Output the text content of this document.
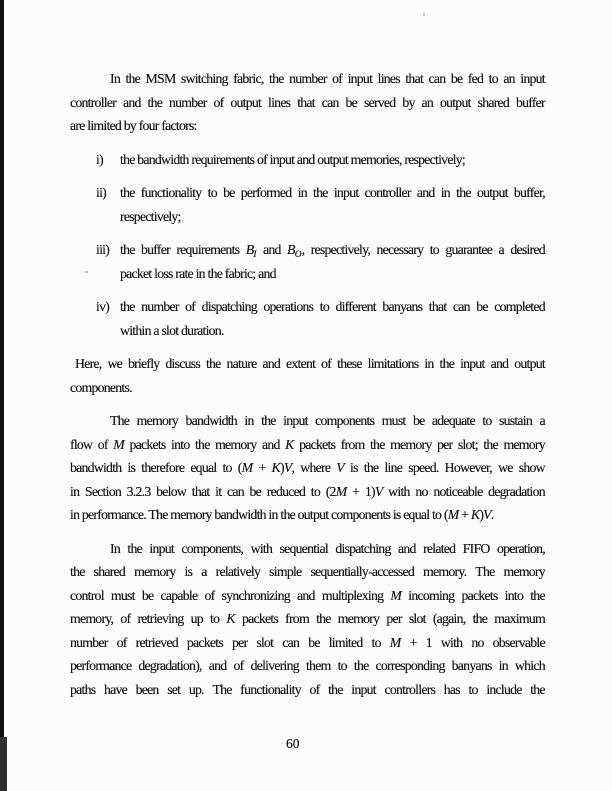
In the MSM switching fabric, the number of input lines that can be fed to an input
controller and the number of output lines that can be served by an output shared buffer
are limited by four factors:
i) the bandwidth requirements of input and output memories, respectively;
ii) the functionality to be performed in the input controller and in the output buffer,
respectively;
iii) the buffer requirements $B_I$ and $B_O$, respectively, necessary to guarantee a desired
packet loss rate in the fabric; and
iv) the number of dispatching operations to different banyans that can be completed
within a slot duration.
Here, we briefly discuss the nature and extent of these limitations in the input and output
components.
The memory bandwidth in the input components must be adequate to sustain a
flow of M packets into the memory and K packets from the memory per slot; the memory
bandwidth is therefore equal to (M + K)V, where V is the line speed. However, we show
in Section 3.2.3 below that it can be reduced to (2M + 1)V with no noticeable degradation
in performance. The memory bandwidth in the output components is equal to (M + K)V.
In the input components, with sequential dispatching and related FIFO operation,
the shared memory is a relatively simple sequentially-accessed memory. The memory
control must be capable of synchronizing and multiplexing M incoming packets into the
memory, of retrieving up to K packets from the memory per slot (again, the maximum
number of retrieved packets per slot can be limited to M + 1 with no observable
performance degradation), and of delivering them to the corresponding banyans in which
paths have been set up. The functionality of the input controllers has to include the
60
